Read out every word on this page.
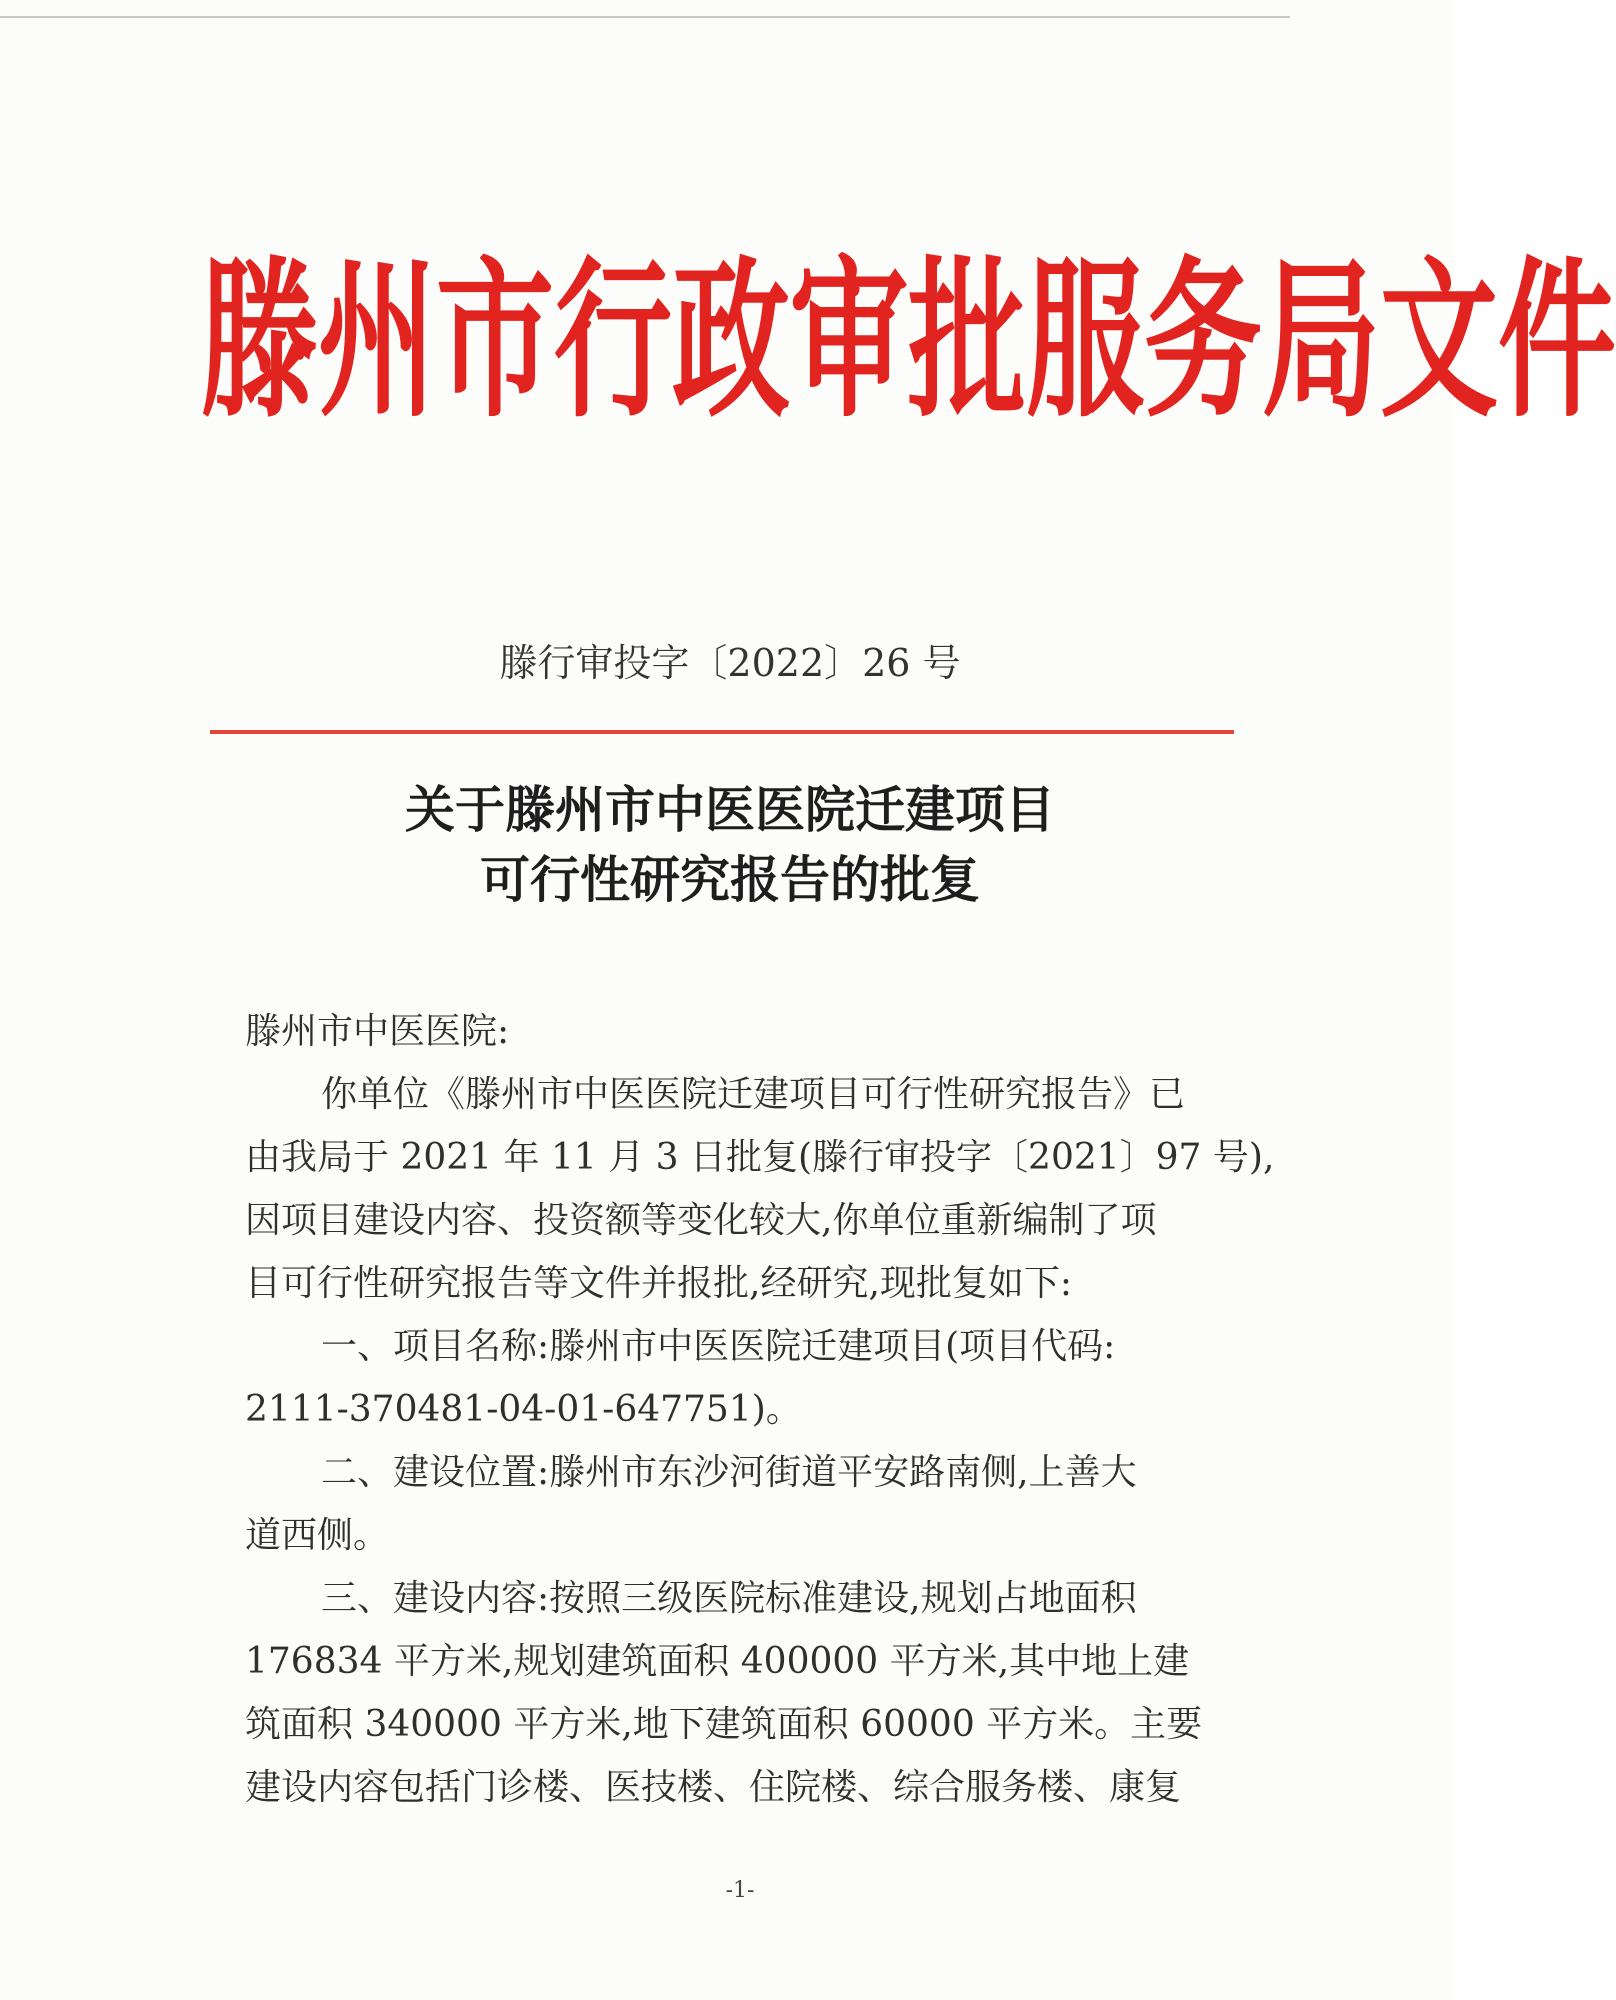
滕州市行政审批服务局文件
滕行审投字〔2022〕26 号
关于滕州市中医医院迁建项目
可行性研究报告的批复
滕州市中医医院:
你单位《滕州市中医医院迁建项目可行性研究报告》已
由我局于 2021 年 11 月 3 日批复(滕行审投字〔2021〕97 号),
因项目建设内容、投资额等变化较大,你单位重新编制了项
目可行性研究报告等文件并报批,经研究,现批复如下:
一、项目名称:滕州市中医医院迁建项目(项目代码:
2111-370481-04-01-647751)。
二、建设位置:滕州市东沙河街道平安路南侧,上善大
道西侧。
三、建设内容:按照三级医院标准建设,规划占地面积
176834 平方米,规划建筑面积 400000 平方米,其中地上建
筑面积 340000 平方米,地下建筑面积 60000 平方米。主要
建设内容包括门诊楼、医技楼、住院楼、综合服务楼、康复
-1-
